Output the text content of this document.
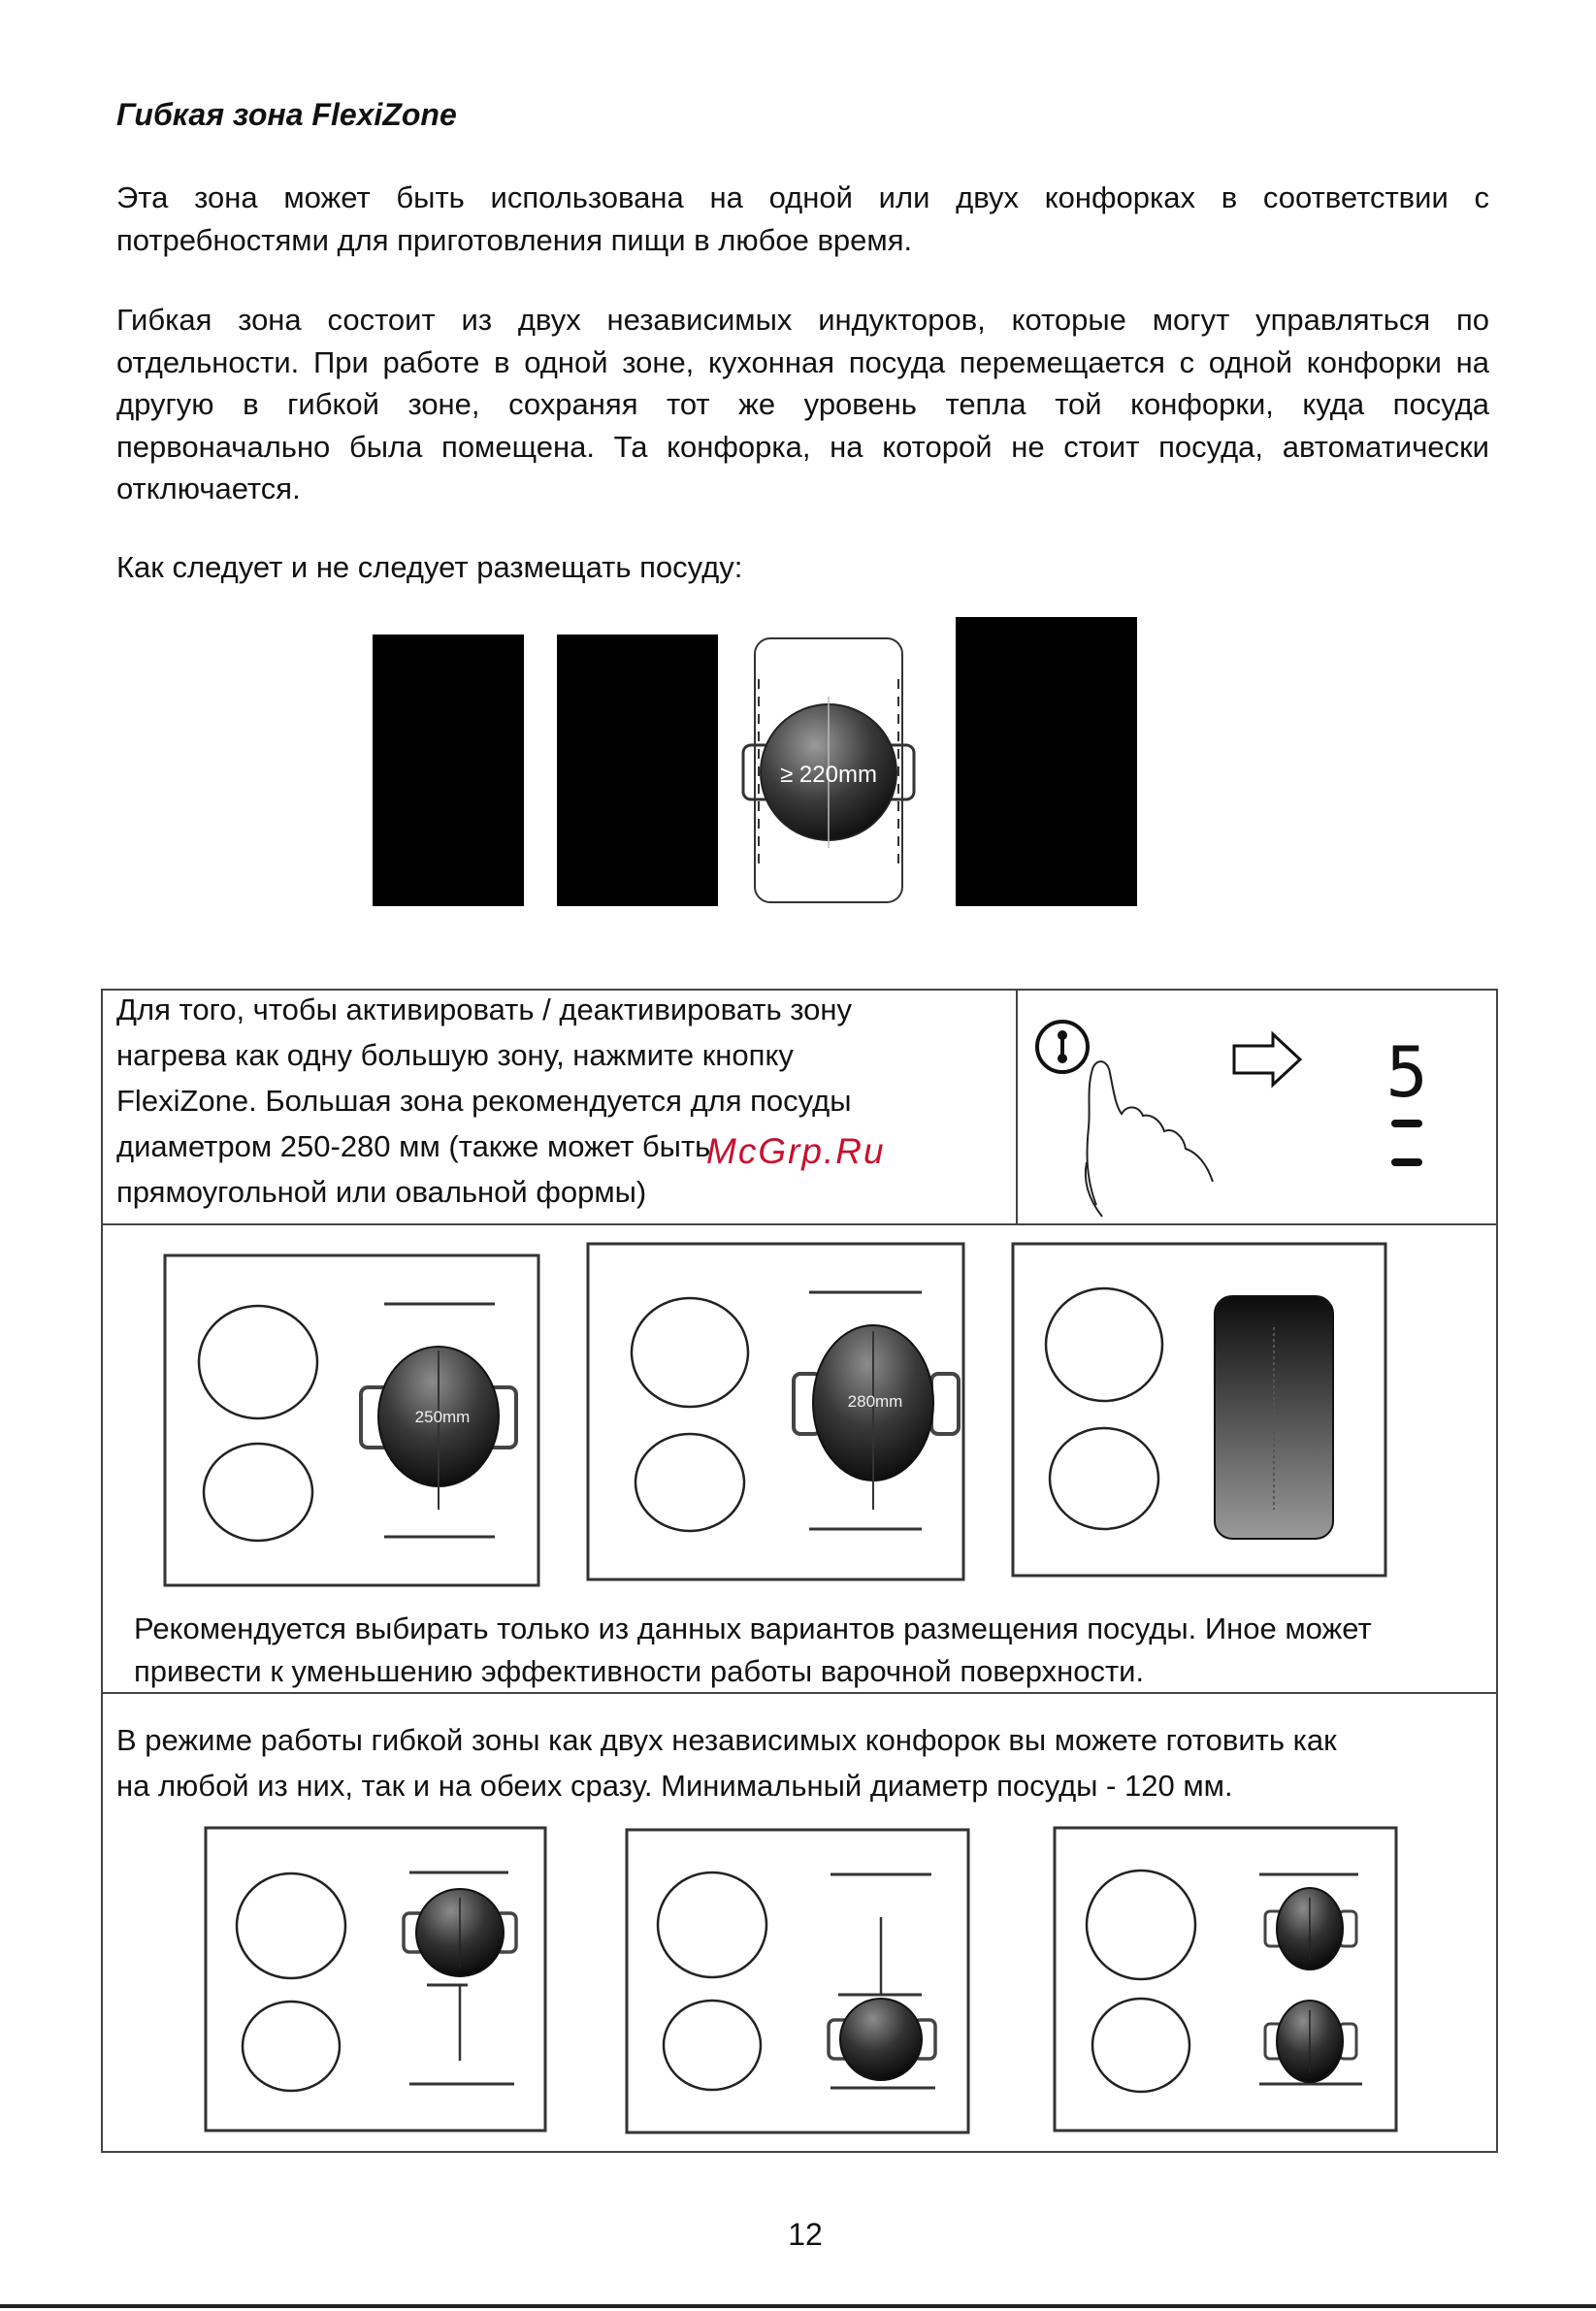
Гибкая зона FlexiZone
Эта зона может быть использована на одной или двух конфорках в соответствии с
потребностями для приготовления пищи в любое время.
Гибкая зона состоит из двух независимых индукторов, которые могут управляться по
отдельности. При работе в одной зоне, кухонная посуда перемещается с одной конфорки на
другую в гибкой зоне, сохраняя тот же уровень тепла той конфорки, куда посуда
первоначально была помещена. Та конфорка, на которой не стоит посуда, автоматически
отключается.
Как следует и не следует размещать посуду:
≥ 220mm
Для того, чтобы активировать / деактивировать зону
нагрева как одну большую зону, нажмите кнопку
FlexiZone. Большая зона рекомендуется для посуды
диаметром 250-280 мм (также может быть
прямоугольной или овальной формы)
McGrp.Ru
5
250mm
280mm
Рекомендуется выбирать только из данных вариантов размещения посуды. Иное может
привести к уменьшению эффективности работы варочной поверхности.
В режиме работы гибкой зоны как двух независимых конфорок вы можете готовить как
на любой из них, так и на обеих сразу. Минимальный диаметр посуды - 120 мм.
12
